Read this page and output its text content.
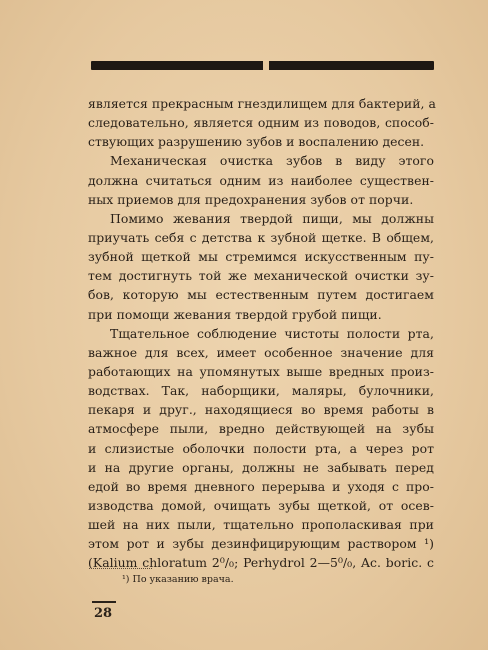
является прекрасным гнездилищем для бактерий, а
следовательно, является одним из поводов, способ-
ствующих разрушению зубов и воспалению десен.
Механическая очистка зубов в виду этого
должна считаться одним из наиболее существен-
ных приемов для предохранения зубов от порчи.
Помимо жевания твердой пищи, мы должны
приучать себя с детства к зубной щетке. В общем,
зубной щеткой мы стремимся искусственным пу-
тем достигнуть той же механической очистки зу-
бов, которую мы естественным путем достигаем
при помощи жевания твердой грубой пищи.
Тщательное соблюдение чистоты полости рта,
важное для всех, имеет особенное значение для
работающих на упомянутых выше вредных произ-
водствах. Так, наборщики, маляры, булочники,
пекаря и друг., находящиеся во время работы в
атмосфере пыли, вредно действующей на зубы
и слизистые оболочки полости рта, а через рот
и на другие органы, должны не забывать перед
едой во время дневного перерыва и уходя с про-
изводства домой, очищать зубы щеткой, от осев-
шей на них пыли, тщательно прополаскивая при
этом рот и зубы дезинфицирующим раствором ¹)
(Kalium chloratum 2⁰/₀; Perhydrol 2—5⁰/₀, Ac. boric. с
¹) По указанию врача.
28
